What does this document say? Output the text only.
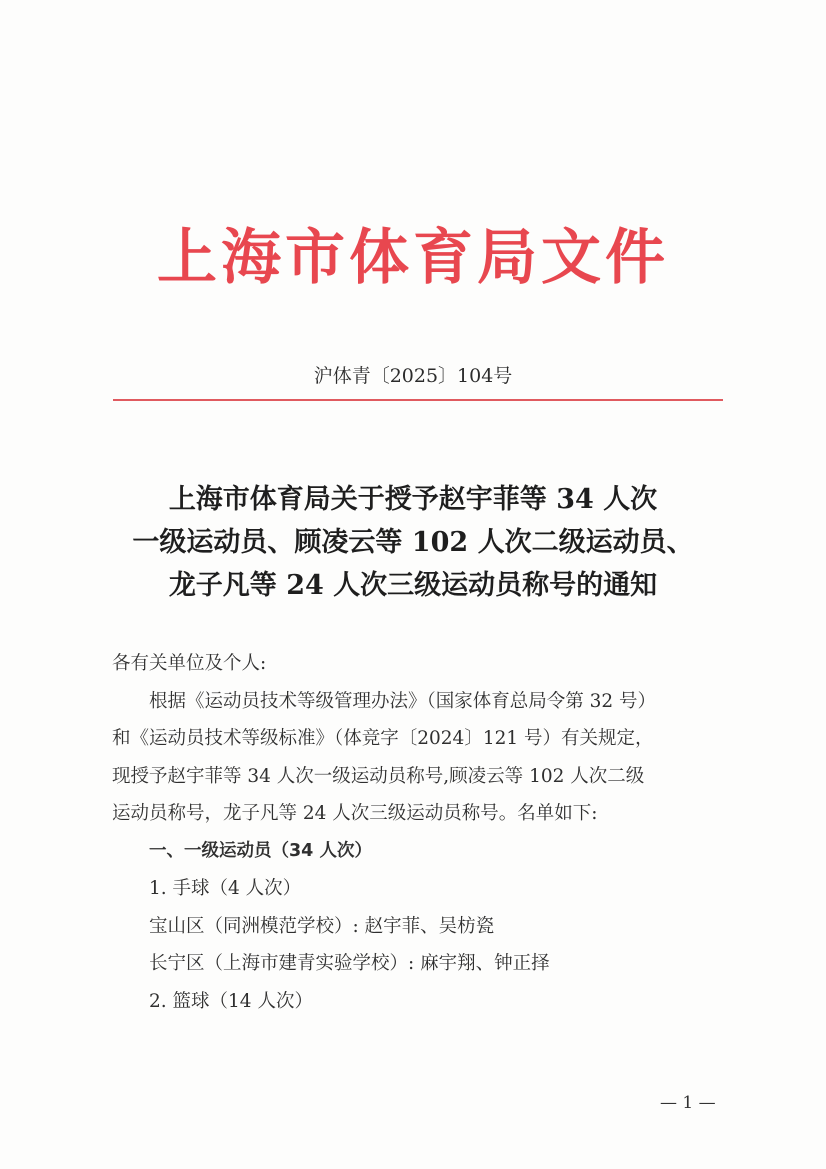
上海市体育局文件
沪体青〔2025〕104号
上海市体育局关于授予赵宇菲等 34 人次
一级运动员、顾凌云等 102 人次二级运动员、
龙子凡等 24 人次三级运动员称号的通知
各有关单位及个人:
根据《运动员技术等级管理办法》（国家体育总局令第 32 号）
和《运动员技术等级标准》（体竞字〔2024〕121 号）有关规定，
现授予赵宇菲等 34 人次一级运动员称号,顾凌云等 102 人次二级
运动员称号，龙子凡等 24 人次三级运动员称号。名单如下:
一、一级运动员（34 人次）
1. 手球（4 人次）
宝山区（同洲模范学校）: 赵宇菲、吴枋瓷
长宁区（上海市建青实验学校）: 麻宇翔、钟正择
2. 篮球（14 人次）
— 1 —
